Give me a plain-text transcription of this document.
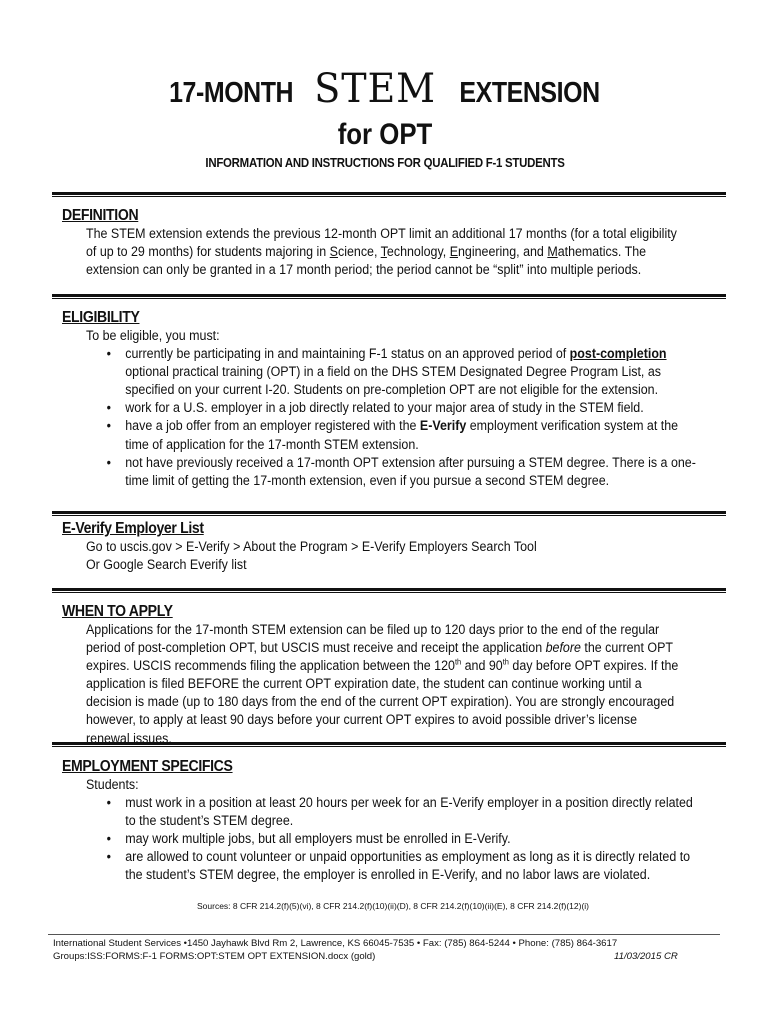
17-MONTH STEM EXTENSION
for OPT
INFORMATION AND INSTRUCTIONS FOR QUALIFIED F-1 STUDENTS
DEFINITION

The STEM extension extends the previous 12-month OPT limit an additional 17 months (for a total eligibility of up to 29 months) for students majoring in Science, Technology, Engineering, and Mathematics. The extension can only be granted in a 17 month period; the period cannot be “split” into multiple periods.

ELIGIBILITY

To be eligible, you must:

• currently be participating in and maintaining F-1 status on an approved period of post-completion optional practical training (OPT) in a field on the DHS STEM Designated Degree Program List, as specified on your current I-20. Students on pre-completion OPT are not eligible for the extension.
• work for a U.S. employer in a job directly related to your major area of study in the STEM field.
• have a job offer from an employer registered with the E-Verify employment verification system at the time of application for the 17-month STEM extension.
• not have previously received a 17-month OPT extension after pursuing a STEM degree. There is a one-time limit of getting the 17-month extension, even if you pursue a second STEM degree.
E-Verify Employer List

Go to uscis.gov > E-Verify > About the Program > E-Verify Employers Search Tool

Or Google Search Everify list

WHEN TO APPLY

Applications for the 17-month STEM extension can be filed up to 120 days prior to the end of the regular period of post-completion OPT, but USCIS must receive and receipt the application before the current OPT expires. USCIS recommends filing the application between the 120th and 90th day before OPT expires. If the application is filed BEFORE the current OPT expiration date, the student can continue working until a decision is made (up to 180 days from the end of the current OPT expiration). You are strongly encouraged however, to apply at least 90 days before your current OPT expires to avoid possible driver’s license renewal issues.

EMPLOYMENT SPECIFICS

Students:

• must work in a position at least 20 hours per week for an E-Verify employer in a position directly related to the student’s STEM degree.
• may work multiple jobs, but all employers must be enrolled in E-Verify.
• are allowed to count volunteer or unpaid opportunities as employment as long as it is directly related to the student’s STEM degree, the employer is enrolled in E-Verify, and no labor laws are violated.
Sources: 8 CFR 214.2(f)(5)(vi), 8 CFR 214.2(f)(10)(ii)(D), 8 CFR 214.2(f)(10)(ii)(E), 8 CFR 214.2(f)(12)(i)
International Student Services •1450 Jayhawk Blvd Rm 2, Lawrence, KS 66045-7535 • Fax: (785) 864-5244 • Phone: (785) 864-3617
Groups:ISS:FORMS:F-1 FORMS:OPT:STEM OPT EXTENSION.docx (gold)	11/03/2015 CR
